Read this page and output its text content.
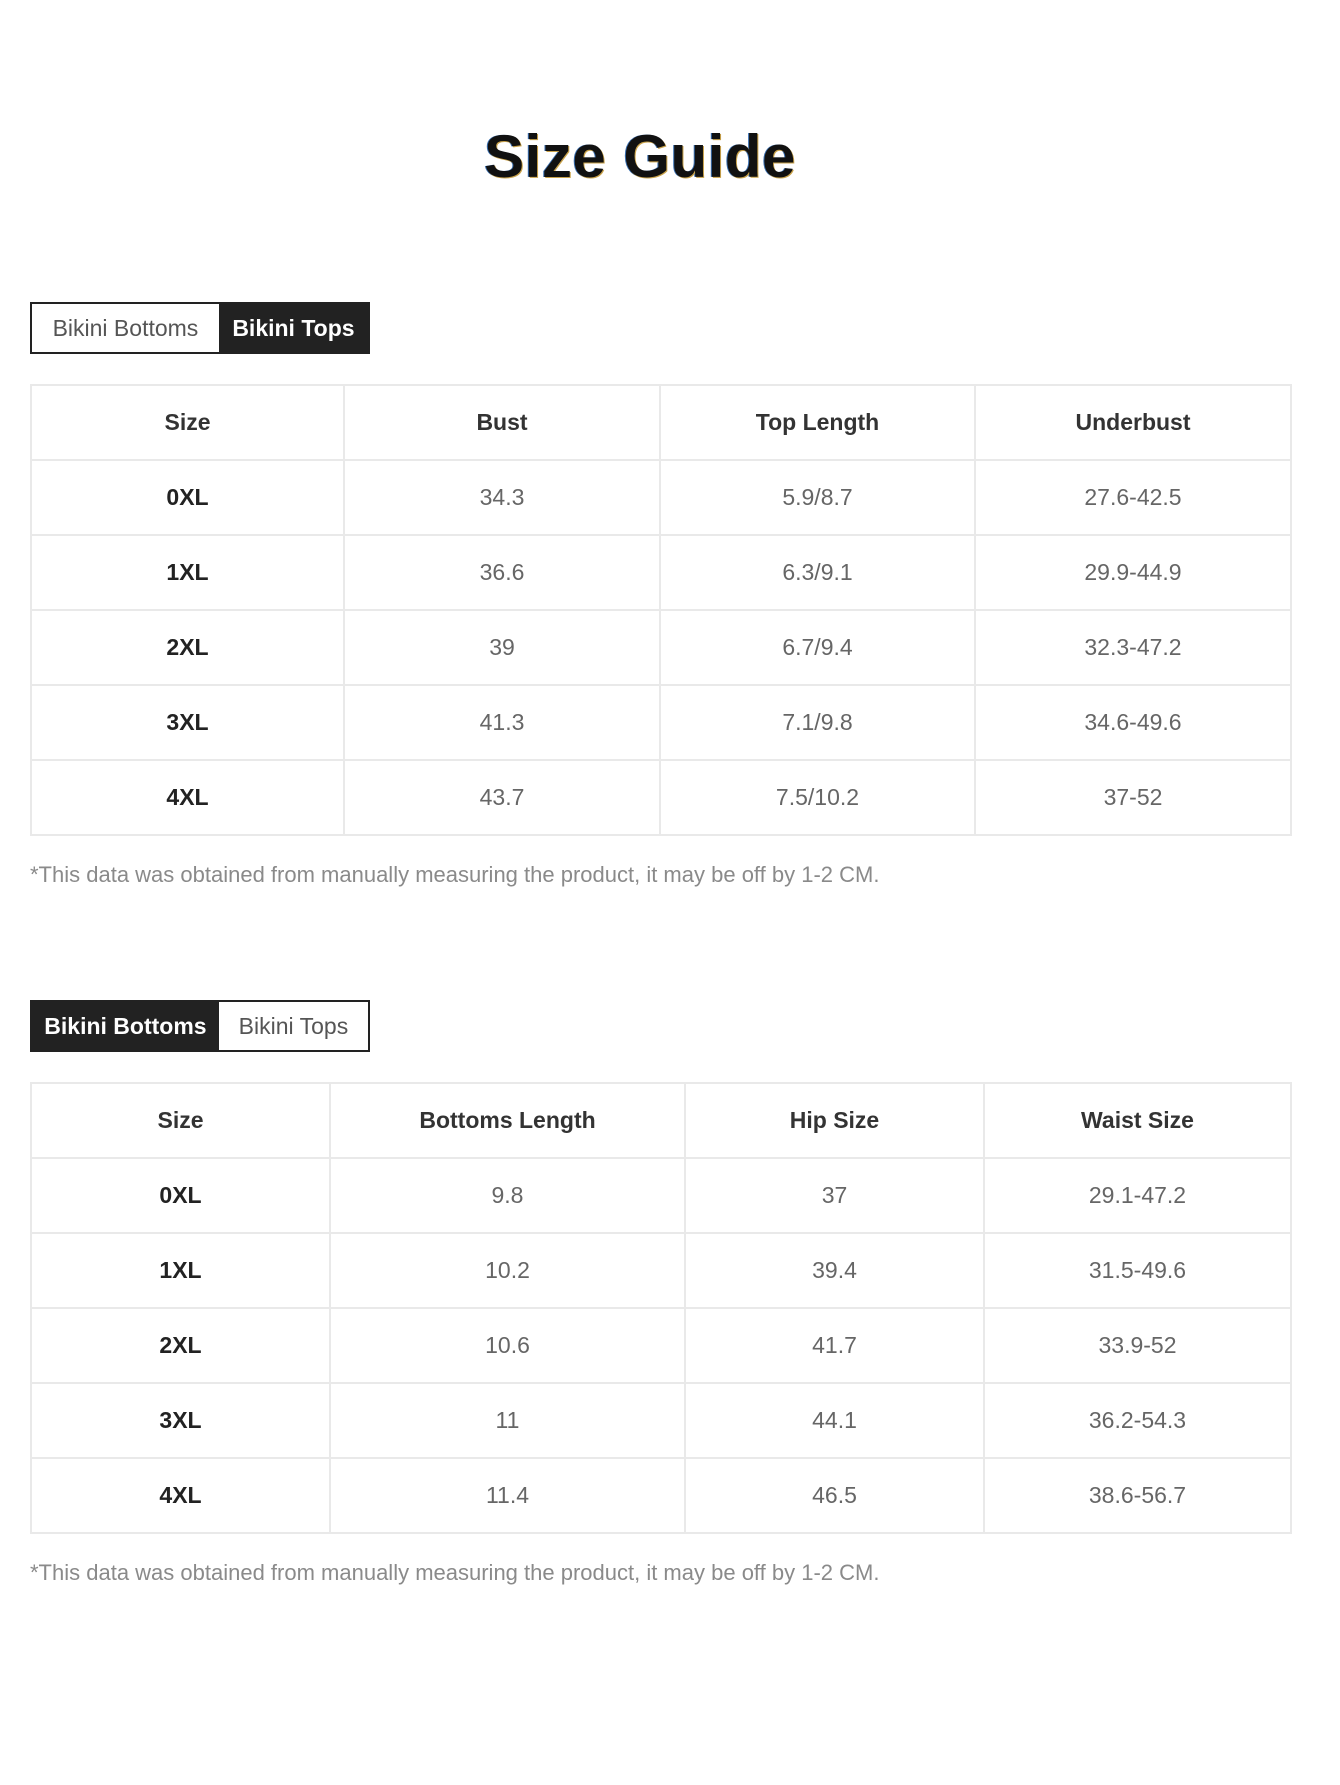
Size Guide
Bikini Bottoms	Bikini Tops
Size	Bust	Top Length	Underbust
0XL	34.3	5.9/8.7	27.6-42.5
1XL	36.6	6.3/9.1	29.9-44.9
2XL	39	6.7/9.4	32.3-47.2
3XL	41.3	7.1/9.8	34.6-49.6
4XL	43.7	7.5/10.2	37-52
*This data was obtained from manually measuring the product, it may be off by 1-2 CM.
Bikini Bottoms	Bikini Tops
Size	Bottoms Length	Hip Size	Waist Size
0XL	9.8	37	29.1-47.2
1XL	10.2	39.4	31.5-49.6
2XL	10.6	41.7	33.9-52
3XL	11	44.1	36.2-54.3
4XL	11.4	46.5	38.6-56.7
*This data was obtained from manually measuring the product, it may be off by 1-2 CM.
